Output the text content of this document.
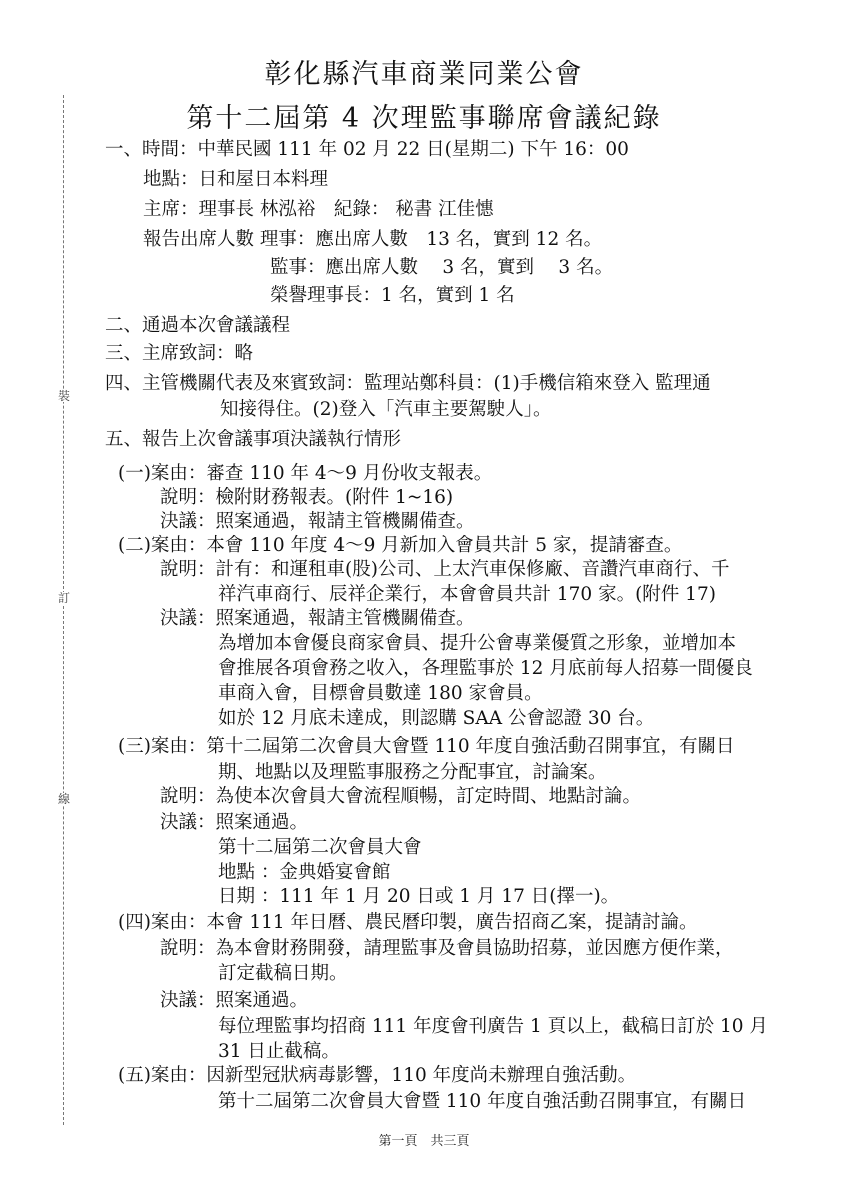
彰化縣汽車商業同業公會
第十二屆第 4 次理監事聯席會議紀錄
裝
訂
線
一、時間：中華民國 111 年 02 月 22 日(星期二) 下午 16：00
地點：日和屋日本料理
主席：理事長 林泓裕　紀錄： 秘書 江佳憓
報告出席人數 理事：應出席人數　13 名，實到 12 名。
監事：應出席人數　 3 名，實到　 3 名。
榮譽理事長：1 名，實到 1 名
二、通過本次會議議程
三、主席致詞：略
四、主管機關代表及來賓致詞：監理站鄭科員：(1)手機信箱來登入 監理通
知接得住。(2)登入「汽車主要駕駛人」。
五、報告上次會議事項決議執行情形
(一)案由：審查 110 年 4～9 月份收支報表。
說明：檢附財務報表。(附件 1~16)
決議：照案通過，報請主管機關備查。
(二)案由：本會 110 年度 4～9 月新加入會員共計 5 家，提請審查。
說明：計有：和運租車(股)公司、上太汽車保修廠、音讚汽車商行、千
祥汽車商行、辰祥企業行，本會會員共計 170 家。(附件 17)
決議：照案通過，報請主管機關備查。
為增加本會優良商家會員、提升公會專業優質之形象，並增加本
會推展各項會務之收入，各理監事於 12 月底前每人招募一間優良
車商入會，目標會員數達 180 家會員。
如於 12 月底未達成，則認購 SAA 公會認證 30 台。
(三)案由：第十二屆第二次會員大會暨 110 年度自強活動召開事宜，有關日
期、地點以及理監事服務之分配事宜，討論案。
說明：為使本次會員大會流程順暢，訂定時間、地點討論。
決議：照案通過。
第十二屆第二次會員大會
地點 ：金典婚宴會館
日期 ：111 年 1 月 20 日或 1 月 17 日(擇一)。
(四)案由：本會 111 年日曆、農民曆印製，廣告招商乙案，提請討論。
說明：為本會財務開發，請理監事及會員協助招募，並因應方便作業，
訂定截稿日期。
決議：照案通過。
每位理監事均招商 111 年度會刊廣告 1 頁以上，截稿日訂於 10 月
31 日止截稿。
(五)案由：因新型冠狀病毒影響，110 年度尚未辦理自強活動。
第十二屆第二次會員大會暨 110 年度自強活動召開事宜，有關日
第一頁　共三頁
